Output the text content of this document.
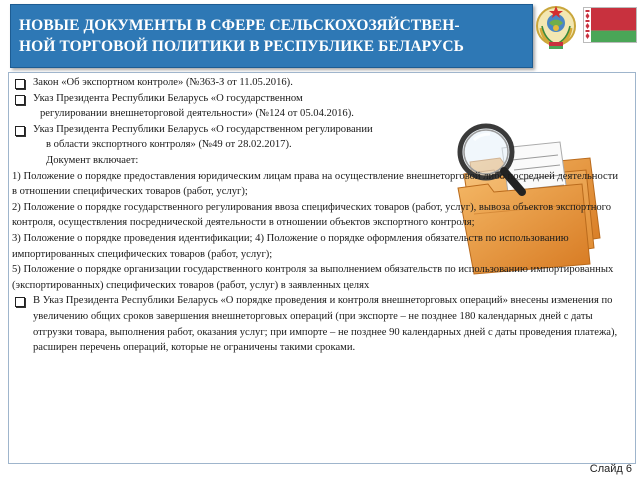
НОВЫЕ ДОКУМЕНТЫ В СФЕРЕ СЕЛЬСКОХОЗЯЙСТВЕН-
НОЙ ТОРГОВОЙ ПОЛИТИКИ В РЕСПУБЛИКЕ БЕЛАРУСЬ
Закон «Об экспортном контроле» (№363-З от 11.05.2016).
Указ Президента Республики Беларусь «О государственном
регулировании внешнеторговой деятельности» (№124 от 05.04.2016).
Указ Президента Республики Беларусь «О государственном регулировании
в области экспортного контроля» (№49 от 28.02.2017).
Документ включает:
1) Положение о порядке предоставления юридическим лицам права на осуществление внешнеторговой либо посредней деятельности в отношении специфических товаров (работ, услуг);
2) Положение о порядке государственного регулирования ввоза специфических товаров (работ, услуг), вывоза объектов экспортного контроля, осуществления посреднической деятельности в отношении объектов экспортного контроля;
3) Положение о порядке проведения идентификации; 4) Положение о порядке оформления обязательств по использованию импортированных специфических товаров (работ, услуг);
5) Положение о порядке организации государственного контроля за выполнением обязательств по использованию импортированных (экспортированных) специфических товаров (работ, услуг) в заявленных целях
В Указ Президента Республики Беларусь «О порядке проведения и контроля внешнеторговых операций» внесены изменения по увеличению общих сроков завершения внешнеторговых операций (при экспорте – не позднее 180 календарных дней с даты отгрузки товара, выполнения работ, оказания услуг; при импорте – не позднее 90 календарных дней с даты проведения платежа), расширен перечень операций, которые не ограничены такими сроками.
Слайд 6
